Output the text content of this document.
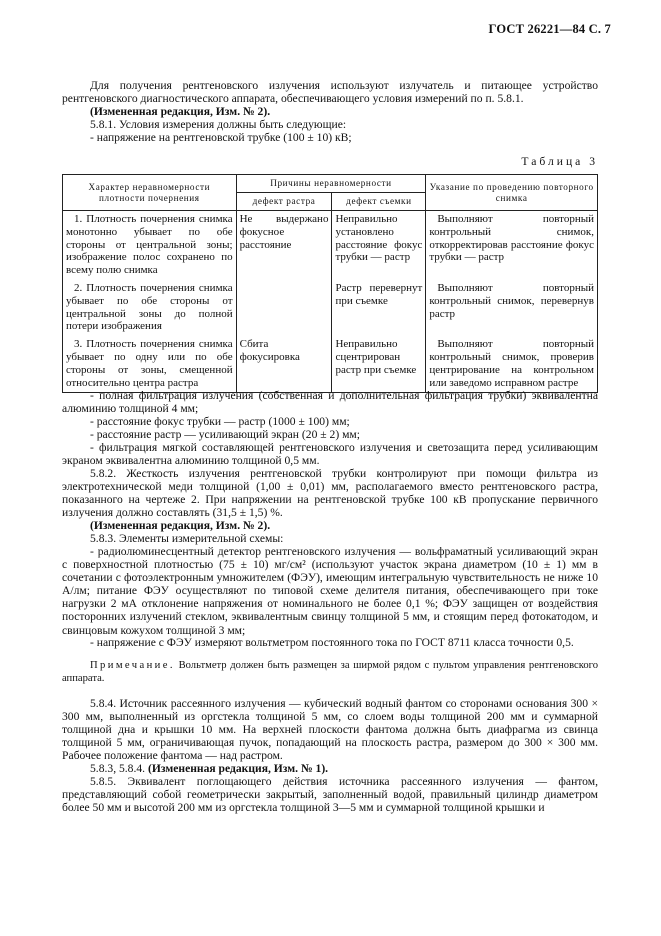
ГОСТ 26221—84 С. 7
Для получения рентгеновского излучения используют излучатель и питающее устройство рентгеновского диагностического аппарата, обеспечивающего условия измерений по п. 5.8.1.
(Измененная редакция, Изм. № 2).
5.8.1. Условия измерения должны быть следующие:
- напряжение на рентгеновской трубке (100 ± 10) кВ;
Таблица 3
Характер неравномерности плотности почернения	Причины неравномерности		Указание по проведению повторного снимка
	дефект растра	дефект съемки	
1. Плотность почернения снимка монотонно убывает по обе стороны от центральной зоны; изображение полос сохранено по всему полю снимка	Не выдержано фокусное расстояние	Неправильно установлено расстояние фокус трубки — растр	Выполняют повторный контрольный снимок, откорректировав расстояние фокус трубки — растр
2. Плотность почернения снимка убывает по обе стороны от центральной зоны до полной потери изображения		Растр перевернут при съемке	Выполняют повторный контрольный снимок, перевернув растр
3. Плотность почернения снимка убывает по одну или по обе стороны от зоны, смещенной относительно центра растра	Сбита фокусировка	Неправильно сцентрирован растр при съемке	Выполняют повторный контрольный снимок, проверив центрирование на контрольном или заведомо исправном растре
- полная фильтрация излучения (собственная и дополнительная фильтрация трубки) эквивалентна алюминию толщиной 4 мм;
- расстояние фокус трубки — растр (1000 ± 100) мм;
- расстояние растр — усиливающий экран (20 ± 2) мм;
- фильтрация мягкой составляющей рентгеновского излучения и светозащита перед усиливающим экраном эквивалентна алюминию толщиной 0,5 мм.
5.8.2. Жесткость излучения рентгеновской трубки контролируют при помощи фильтра из электротехнической меди толщиной (1,00 ± 0,01) мм, располагаемого вместо рентгеновского растра, показанного на чертеже 2. При напряжении на рентгеновской трубке 100 кВ пропускание первичного излучения должно составлять (31,5 ± 1,5) %.
(Измененная редакция, Изм. № 2).
5.8.3. Элементы измерительной схемы:
- радиолюминесцентный детектор рентгеновского излучения — вольфраматный усиливающий экран с поверхностной плотностью (75 ± 10) мг/см² (используют участок экрана диаметром (10 ± 1) мм в сочетании с фотоэлектронным умножителем (ФЭУ), имеющим интегральную чувствительность не ниже 10 А/лм; питание ФЭУ осуществляют по типовой схеме делителя питания, обеспечивающего при токе нагрузки 2 мА отклонение напряжения от номинального не более 0,1 %; ФЭУ защищен от воздействия посторонних излучений стеклом, эквивалентным свинцу толщиной 5 мм, и стоящим перед фотокатодом, и свинцовым кожухом толщиной 3 мм;
- напряжение с ФЭУ измеряют вольтметром постоянного тока по ГОСТ 8711 класса точности 0,5.
Примечание. Вольтметр должен быть размещен за ширмой рядом с пультом управления рентгеновского аппарата.
5.8.4. Источник рассеянного излучения — кубический водный фантом со сторонами основания 300 × 300 мм, выполненный из оргстекла толщиной 5 мм, со слоем воды толщиной 200 мм и суммарной толщиной дна и крышки 10 мм. На верхней плоскости фантома должна быть диафрагма из свинца толщиной 5 мм, ограничивающая пучок, попадающий на плоскость растра, размером до 300 × 300 мм. Рабочее положение фантома — над растром.
5.8.3, 5.8.4. (Измененная редакция, Изм. № 1).
5.8.5. Эквивалент поглощающего действия источника рассеянного излучения — фантом, представляющий собой геометрически закрытый, заполненный водой, правильный цилиндр диаметром более 50 мм и высотой 200 мм из оргстекла толщиной 3—5 мм и суммарной толщиной крышки и
